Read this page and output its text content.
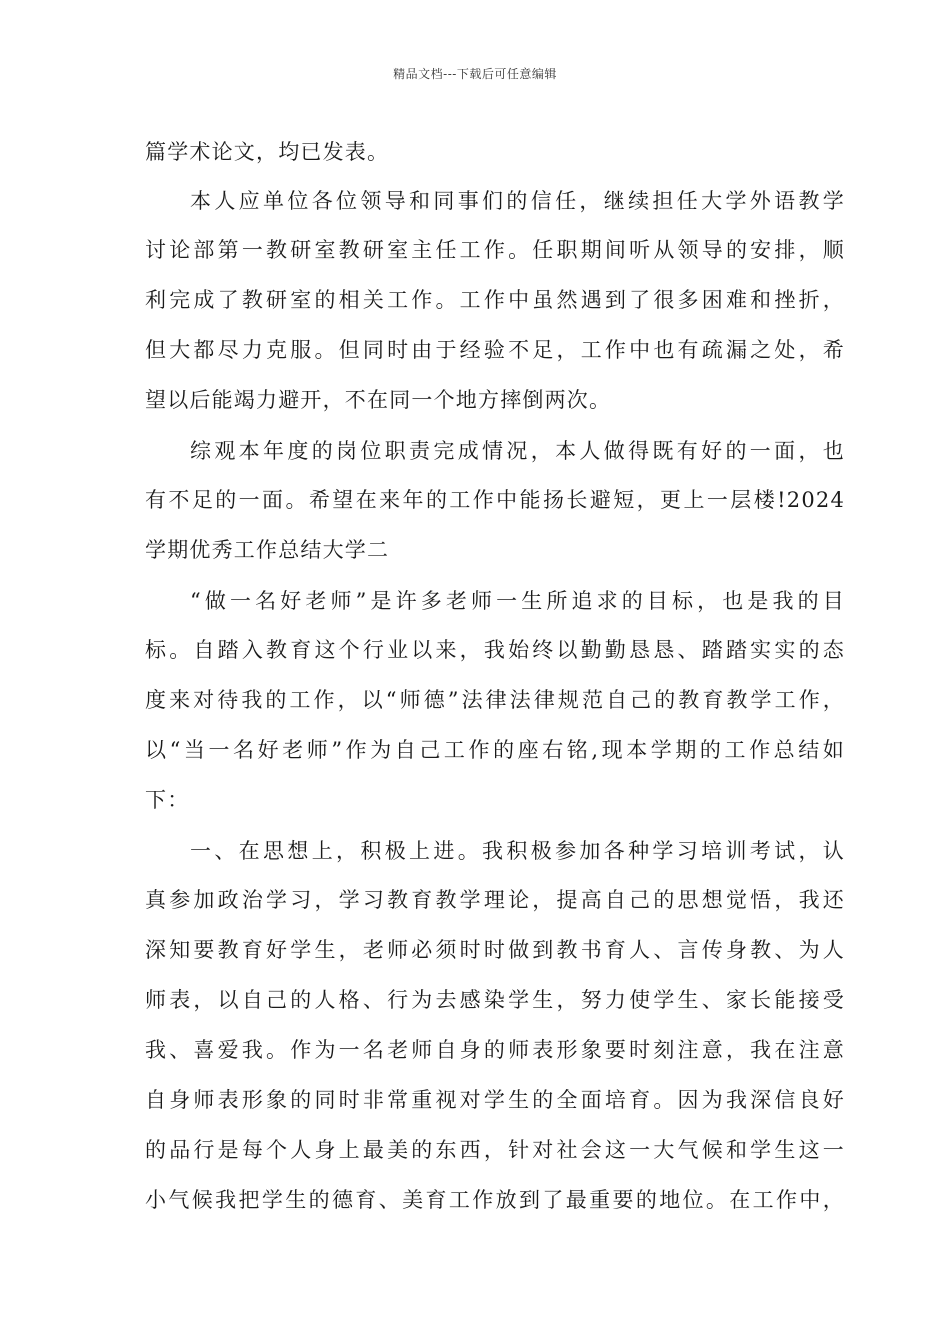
精品文档---下载后可任意编辑
篇学术论文，均已发表。
本人应单位各位领导和同事们的信任，继续担任大学外语教学
讨论部第一教研室教研室主任工作。任职期间听从领导的安排，顺
利完成了教研室的相关工作。工作中虽然遇到了很多困难和挫折，
但大都尽力克服。但同时由于经验不足，工作中也有疏漏之处，希
望以后能竭力避开，不在同一个地方摔倒两次。
综观本年度的岗位职责完成情况，本人做得既有好的一面，也
有不足的一面。希望在来年的工作中能扬长避短，更上一层楼!2024
学期优秀工作总结大学二
“做一名好老师”是许多老师一生所追求的目标，也是我的目
标。自踏入教育这个行业以来，我始终以勤勤恳恳、踏踏实实的态
度来对待我的工作，以“师德”法律法律规范自己的教育教学工作，
以“当一名好老师”作为自己工作的座右铭,现本学期的工作总结如
下：
一、在思想上，积极上进。我积极参加各种学习培训考试，认
真参加政治学习，学习教育教学理论，提高自己的思想觉悟，我还
深知要教育好学生，老师必须时时做到教书育人、言传身教、为人
师表，以自己的人格、行为去感染学生，努力使学生、家长能接受
我、喜爱我。作为一名老师自身的师表形象要时刻注意，我在注意
自身师表形象的同时非常重视对学生的全面培育。因为我深信良好
的品行是每个人身上最美的东西，针对社会这一大气候和学生这一
小气候我把学生的德育、美育工作放到了最重要的地位。在工作中，
